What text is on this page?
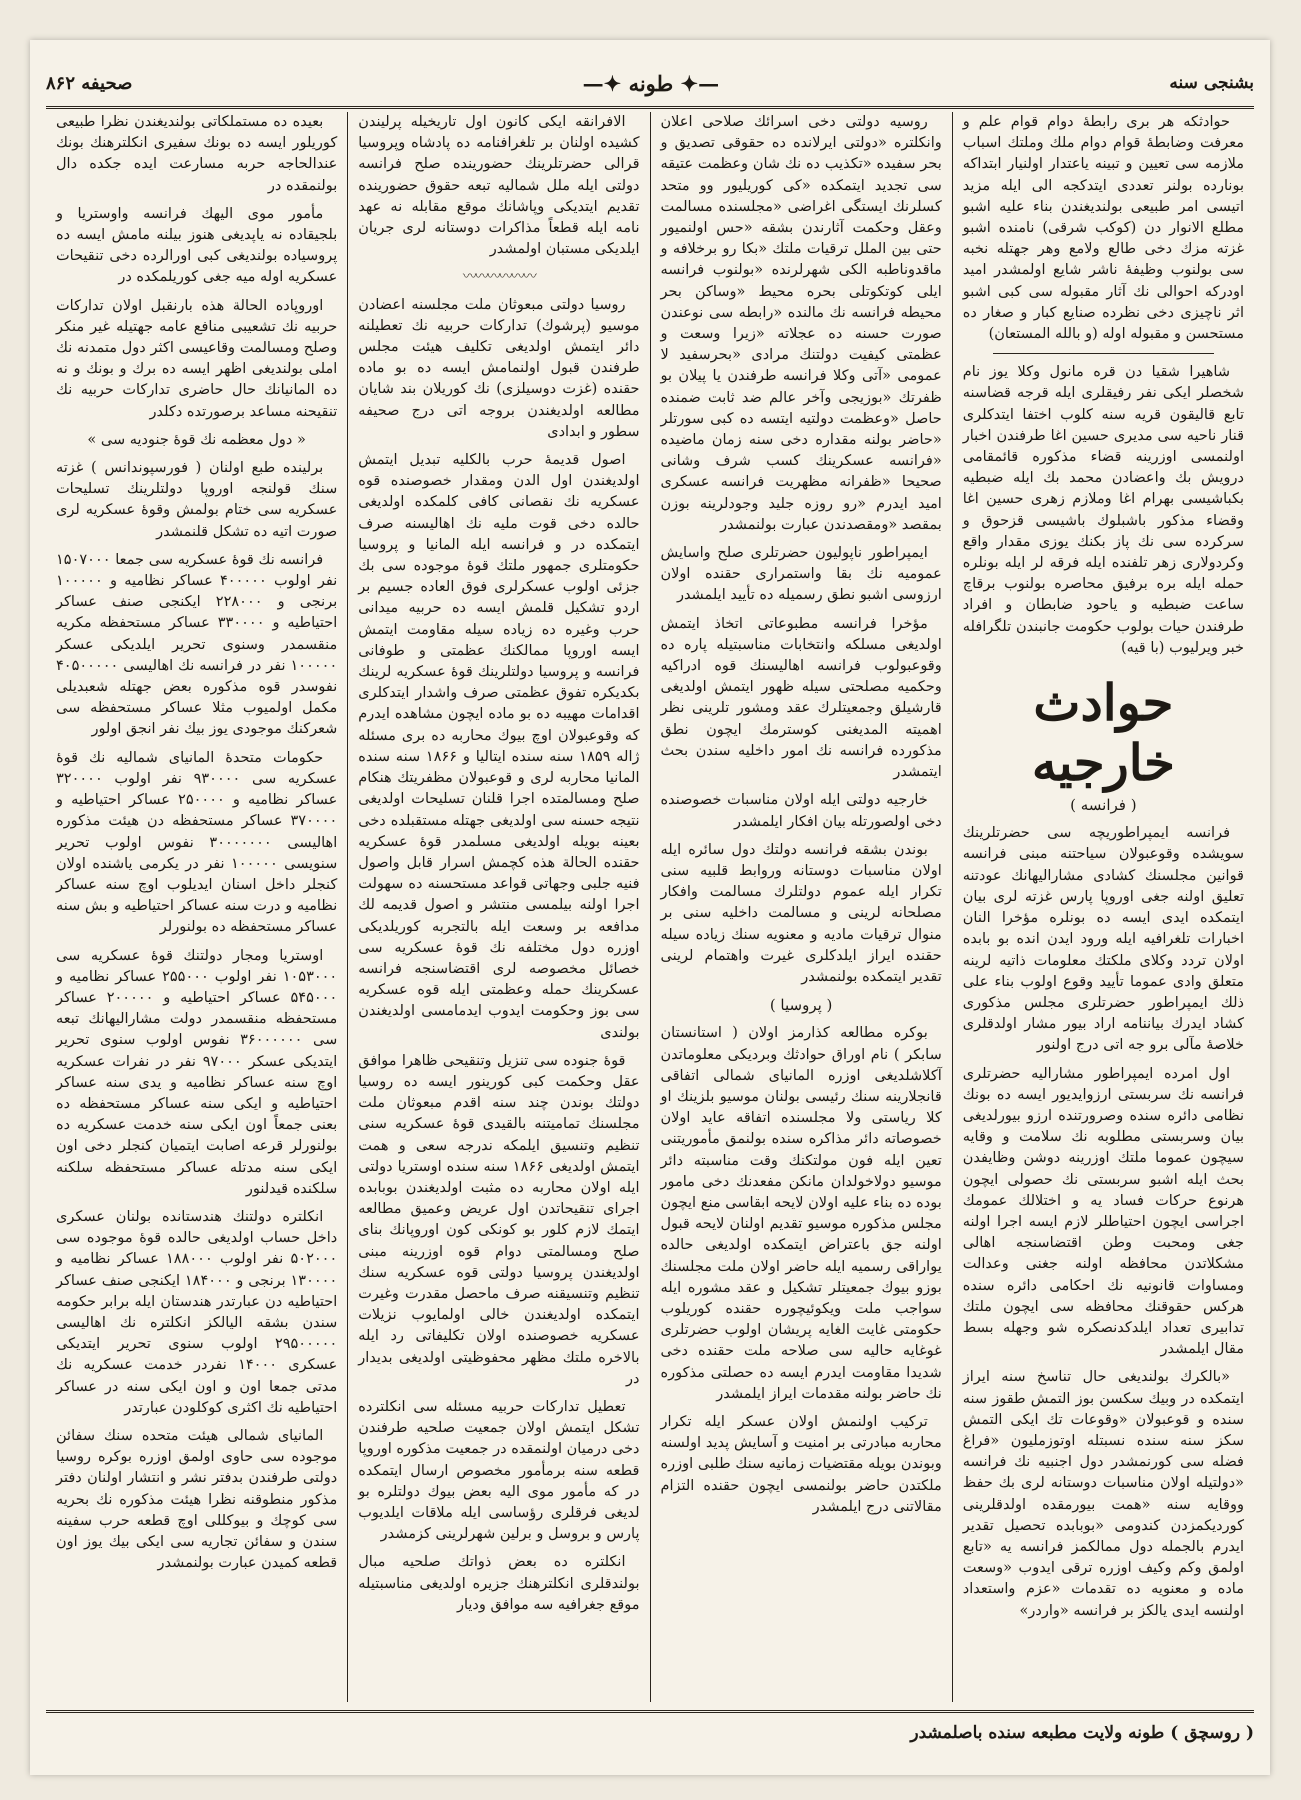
بشنجی سنه
—✦ طونه ✦—
صحیفه ۸۶۲

حوادثکه هر بری رابطهٔ دوام قوام علم و معرفت وضابطهٔ قوام دوام ملك وملتك اسباب ملازمه سی تعیین و تبینه یاعتدار اولنیار ابتداکه بونارده بولنر تعددی ایتدکجه الی ایله مزید اتیسی امر طبیعی بولندیغندن بناء علیه اشبو مطلع الانوار دن (کوکب شرقی) نامنده اشبو غزته مزك دخی طالع ولامع وهر جهتله نخبه سی بولنوب وظیفهٔ ناشر شایع اولمشدر امید اودرکه احوالی نك آثار مقبوله سی کبی اشبو اثر ناچیزی دخی نظرده صنایع کبار و صغار ده مستحسن و مقبوله اوله (و بالله المستعان)

شاهیرا شقیا دن قره مانول وکلا یوز نام شخصلر ایکی نفر رفیقلری ایله قرجه قضاسنه تابع قالیقون قریه سنه کلوب اختفا ایتدکلری قنار ناحیه سی مدیری حسین اغا طرفندن اخبار اولنمسی اوزرینه قضاء مذکوره قائمقامی درویش بك واعضادن محمد بك ایله ضبطیه بکباشیسی بهرام اغا وملازم زهری حسین اغا وقضاء مذکور باشبلوك باشیسی قزحوق و سرکرده سی نك پاز بکنك یوزی مقدار واقع وکردولاری زهر تلفنده ایله فرقه لر ایله بونلره حمله ایله بره برفیق محاصره بولنوب برقاچ ساعت ضبطیه و یاحود ضابطان و افراد طرفندن حیات بولوب حکومت جانبندن تلگرافله خبر ویرلیوب (با قیه)

حوادث خارجیه

( فرانسه )

فرانسه ایمپراطوریچه سی حضرتلرینك سویشده وقوعبولان سیاحتنه مبنی فرانسه قوانین مجلسنك کشادی مشارالیهانك عودتنه تعلیق اولنه جغی اوروپا پارس غزته لری بیان ایتمکده ایدی ایسه ده بونلره مؤخرا النان اخبارات تلغرافیه ایله ورود ایدن انده بو بابده اولان تردد وکلای ملکتك معلومات ذاتیه لرینه متعلق وادی عموما تأیید وقوع اولوب بناء علی ذلك ایمپراطور حضرتلری مجلس مذکوری کشاد ایدرك بیاننامه اراد بیور مشار اولدقلری خلاصهٔ مآلی برو جه اتی درج اولنور

اول امرده ایمپراطور مشارالیه حضرتلری فرانسه نك سربستی ارزوایدیور ایسه ده بونك نظامی دائره سنده وصرورتنده ارزو بیورلدیغی بیان وسربستی مطلوبه نك سلامت و وقایه سیچون عموما ملتك اوزرینه دوشن وظایفدن بحث ایله اشبو سربستی نك حصولی ایچون هرنوع حرکات فساد یه و اختلالك عمومك اجراسی ایچون احتیاطلر لازم ایسه اجرا اولنه جغی ومحبت وطن اقتضاسنجه اهالی مشکلاتدن محافظه اولنه جغنی وعدالت ومساوات قانونیه نك احکامی دائره سنده هرکس حقوقنك محافظه سی ایچون ملتك تدابیری تعداد ایلدکدنصکره شو وجهله بسط مقال ایلمشدر

«بالکرك بولندیغی حال تناسخ سنه ایراز ایتمکده در وبیك سکسن بوز التمش طقوز سنه سنده و قوعبولان «وقوعات تك ایکی التمش سکز سنه سنده نسبتله اوتوزملیون «فراغ فضله سی کورنمشدر دول اجنبیه نك فرانسه «دولتیله اولان مناسبات دوستانه لری بك حفظ ووقایه سنه «همت بیورمقده اولدقلرینی کوردیکمزدن کندومی «بوبابده تحصیل تقدیر ایدرم بالجمله دول ممالکمز فرانسه یه «تابع اولمق وکم وکیف اوزره ترقی ایدوب «وسعت ماده و معنویه ده تقدمات «عزم واستعداد اولنسه ایدی یالکز بر فرانسه «واردر»

روسیه دولتی دخی اسرائك صلاحی اعلان وانکلتره «دولتی ایرلانده ده حقوقی تصدیق و بحر سفیده «تکذیب ده نك شان وعظمت عتیقه سی تجدید ایتمکده «کی کوریلیور وو متحد کسلرنك ایستگی اغراضی «مجلسنده مسالمت وعقل وحکمت آثارندن بشقه «حس اولنمیور حتی بین الملل ترقیات ملتك «بکا رو برخلافه و ماقدوناطبه الکی شهرلرنده «بولنوب فرانسه ایلی کوتکوتلی بحره محیط «وساکن بحر محیطه فرانسه نك مالنده «رابطه سی نوعندن صورت حسنه ده عجلاته «زیرا وسعت و عظمتی کیفیت دولتنك مرادی «بحرسفید لا عمومی «آتی وکلا فرانسه طرفندن یا پیلان بو ظفرتك «بوزیجی وآخر عالم ضد ثابت ضمنده حاصل «وعظمت دولتیه ایتسه ده کبی سورتلر «حاضر بولنه مقداره دخی سنه زمان ماضیده «فرانسه عسکرینك کسب شرف وشانی صحیحا «ظفرانه مظهریت فرانسه عسکری امید ایدرم «رو روزه جلید وجودلرینه بوزن بمقصد «ومقصدندن عبارت بولنمشدر

ایمپراطور ناپولیون حضرتلری صلح واسایش عمومیه نك بقا واستمراری حقنده اولان ارزوسی اشبو نطق رسمیله ده تأیید ایلمشدر

مؤخرا فرانسه مطبوعاتی اتخاذ ایتمش اولدیغی مسلکه وانتخابات مناسبتیله پاره ده وقوعبولوب فرانسه اهالیسنك قوه ادراکیه وحکمیه مصلحتی سیله ظهور ایتمش اولدیغی قارشیلق وجمعیتلرك عقد ومشور تلرینی نظر اهمیته المدیغنی کوسترمك ایچون نطق مذکورده فرانسه نك امور داخلیه سندن بحث ایتمشدر

خارجیه دولتی ایله اولان مناسبات خصوصنده دخی اولصورتله بیان افکار ایلمشدر

بوندن بشقه فرانسه دولتك دول سائره ایله اولان مناسبات دوستانه وروابط قلبیه سنی تکرار ایله عموم دولتلرك مسالمت وافکار مصلحانه لرینی و مسالمت داخلیه سنی بر منوال ترقیات مادیه و معنویه سنك زیاده سیله حقنده ایراز ایلدکلری غیرت واهتمام لرینی تقدیر ایتمکده بولنمشدر

( پروسیا )

بوکره مطالعه کذارمز اولان ( استانستان سابکر ) نام اوراق حوادثك وبردیکی معلوماتدن آکلاشلدیغی اوزره المانیای شمالی اتفاقی قانجلارینه سنك رئیسی بولنان موسیو بلزینك او کلا ریاستی ولا مجلسنده اتفاقه عاید اولان خصوصاته دائر مذاکره سنده بولنمق مأموریتنی تعین ایله فون مولتكنك وقت مناسبته دائر موسیو دولاخولدان مانکن مفعدنك دخی مامور بوده ده بناء علیه اولان لایحه ابقاسی منع ایچون مجلس مذکوره موسیو تقدیم اولنان لایحه قبول اولنه جق باعتراض ایتمکده اولدیغی حالده یواراقی رسمیه ایله حاضر اولان ملت مجلسنك بوزو بیوك جمعیتلر تشکیل و عقد مشوره ایله سواجب ملت ویکوئیچوره حقنده کوریلوب حکومتی غایت الغایه پریشان اولوب حضرتلری غوغایه حالیه سی صلاحه ملت حقنده دخی شدیدا مقاومت ایدرم ایسه ده حصلتی مذکوره نك حاضر بولنه مقدمات ایراز ایلمشدر

ترکیب اولنمش اولان عسکر ایله تکرار محاربه مبادرتی بر امنیت و آسایش پدید اولسنه وبوندن بویله مقتضیات زمانیه سنك طلبی اوزره ملکتدن حاضر بولنمسی ایچون حقنده التزام مقالاتنی درج ایلمشدر

الافرانقه ایکی کانون اول تاریخیله پرلیندن کشیده اولنان بر تلغرافنامه ده پادشاه وپروسیا قرالی حضرتلرینك حضورینده صلح فرانسه دولتی ایله ملل شمالیه تبعه حقوق حضورینده تقدیم ایتدیکی وپاشانك موقع مقابله نه عهد نامه ایله قطعاً مذاکرات دوستانه لری جریان ایلدیکی مستبان اولمشدر

〰〰〰〰〰〰

روسیا دولتی مبعوثان ملت مجلسنه اعضادن موسیو (پرشوك) تدارکات حربیه نك تعطیلنه دائر ایتمش اولدیغی تکلیف هیئت مجلس طرفندن قبول اولنمامش ایسه ده بو ماده حقنده (غزت دوسیلزی) نك کوریلان بند شایان مطالعه اولدیغندن بروجه اتی درج صحیفه سطور و ابدادی

اصول قدیمهٔ حرب بالکلیه تبدیل ایتمش اولدیغندن اول الدن ومقدار خصوصنده قوه عسکریه نك نقصانی کافی کلمکده اولدیغی حالده دخی قوت ملیه نك اهالیسنه صرف ایتمکده در و فرانسه ایله المانیا و پروسیا حکومتلری جمهور ملتك قوهٔ موجوده سی بك جزئی اولوب عسکرلری فوق العاده جسیم بر اردو تشکیل قلمش ایسه ده حربیه میدانی حرب وغیره ده زیاده سیله مقاومت ایتمش ایسه اوروپا ممالکنك عظمتی و طوفانی فرانسه و پروسیا دولتلرینك قوهٔ عسکریه لرینك بکدیکره تفوق عظمتی صرف واشدار ایتدکلری اقدامات مهیبه ده بو ماده ایچون مشاهده ایدرم که وقوعبولان اوچ بیوك محاربه ده بری مسئله ژاله ۱۸۵۹ سنه سنده ایتالیا و ۱۸۶۶ سنه سنده المانیا محاربه لری و قوعبولان مظفریتك هنکام صلح ومسالمتده اجرا قلنان تسلیحات اولدیغی نتیجه حسنه سی اولدیغی جهتله مستقبلده دخی بعینه بویله اولدیغی مسلمدر قوهٔ عسکریه حقنده الحالة هذه کچمش اسرار قابل واصول فنیه جلبی وجهاتی قواعد مستحسنه ده سهولت اجرا اولنه بیلمسی منتشر و اصول قدیمه لك مدافعه بر وسعت ایله بالتجربه کوریلدیکی اوزره دول مختلفه نك قوهٔ عسکریه سی خصائل مخصوصه لری اقتضاسنجه فرانسه عسکرینك حمله وعظمتی ایله قوه عسکریه سی بوز وحکومت ایدوب ایدمامسی اولدیغندن بولندی

قوهٔ جنوده سی تنزیل وتنقیحی ظاهرا موافق عقل وحکمت کبی کورینور ایسه ده روسیا دولتك بوندن چند سنه اقدم مبعوثان ملت مجلسنك تمامیتنه بالقیدی قوهٔ عسکریه سنی تنظیم وتنسیق ایلمکه ندرجه سعی و همت ایتمش اولدیغی ۱۸۶۶ سنه سنده اوستریا دولتی ایله اولان محاربه ده مثبت اولدیغندن بوبابده اجرای تنقیحاتدن اول عریض وعمیق مطالعه ایتمك لازم کلور بو کونکی کون اوروپانك بنای صلح ومسالمتی دوام قوه اوزرینه مبنی اولدیغندن پروسیا دولتی قوه عسکریه سنك تنظیم وتنسیقنه صرف ماحصل مقدرت وغیرت ایتمکده اولدیغندن خالی اولمایوب نزیلات عسکریه خصوصنده اولان تکلیفاتی رد ایله بالاخره ملتك مظهر محفوظیتی اولدیغی بدیدار در

تعطیل تدارکات حربیه مسئله سی انکلترده تشکل ایتمش اولان جمعیت صلحیه طرفندن دخی درمیان اولنمقده در جمعیت مذکوره اوروپا قطعه سنه برمأمور مخصوص ارسال ایتمکده در که مأمور موی الیه بعض بیوك دولتلره بو لدیغی فرقلری رؤساسی ایله ملاقات ایلدیوب پارس و بروسل و برلین شهرلرینی کزمشدر

انکلتره ده بعض ذواتك صلحیه مبال بولندقلری انکلترهنك جزیره اولدیغی مناسبتیله موقع جغرافیه سه موافق ودیار

بعیده ده مستملکاتی بولندیغندن نظرا طبیعی کوریلور ایسه ده بونك سفیری انکلترهنك بونك عندالحاجه حربه مسارعت ایده جکده دال بولنمقده در

مأمور موی الیهك فرانسه واوستریا و بلجیقاده نه یاپدیغی هنوز بیلنه مامش ایسه ده پروسیاده بولندیغی کبی اورالرده دخی تنقیحات عسکریه اوله میه جغی کوریلمکده در

اوروپاده الحالة هذه بارنقبل اولان تدارکات حربیه نك تشعیبی منافع عامه جهتیله غیر منکر وصلح ومسالمت وقاعیسی اکثر دول متمدنه نك املی بولندیغی اظهر ایسه ده برك و بونك و نه ده المانیانك حال حاضری تدارکات حربیه نك تنقیحنه مساعد برصورتده دکلدر

« دول معظمه نك قوهٔ جنودیه سی »

برلینده طبع اولنان ( فورسپوندانس ) غزته سنك قولنجه اوروپا دولتلرینك تسلیحات عسکریه سی ختام بولمش وقوهٔ عسکریه لری صورت اتیه ده تشکل قلنمشدر

فرانسه نك قوهٔ عسکریه سی جمعا ۱۵۰۷۰۰۰ نفر اولوب ۴۰۰۰۰۰ عساکر نظامیه و ۱۰۰۰۰۰ برنجی و ۲۲۸۰۰۰ ایکنجی صنف عساکر احتیاطیه و ۳۳۰۰۰۰ عساکر مستحفظه مکریه منقسمدر وسنوی تحریر ایلدیکی عسکر ۱۰۰۰۰۰ نفر در فرانسه نك اهالیسی ۴۰۵۰۰۰۰۰ نفوسدر قوه مذکوره بعض جهتله شعبدیلی مکمل اولمیوب مثلا عساکر مستحفظه سی شعرکنك موجودی یوز بیك نفر انجق اولور

حکومات متحدهٔ المانیای شمالیه نك قوهٔ عسکریه سی ۹۳۰۰۰۰ نفر اولوب ۳۲۰۰۰۰ عساکر نظامیه و ۲۵۰۰۰۰ عساکر احتیاطیه و ۳۷۰۰۰۰ عساکر مستحفظه دن هیئت مذکوره اهالیسی ۳۰۰۰۰۰۰۰ نفوس اولوب تحریر سنویسی ۱۰۰۰۰۰ نفر در یکرمی یاشنده اولان کنجلر داخل اسنان ایدیلوب اوچ سنه عساکر نظامیه و درت سنه عساکر احتیاطیه و بش سنه عساکر مستحفظه ده بولنورلر

اوستریا ومجار دولتنك قوهٔ عسکریه سی ۱۰۵۳۰۰۰ نفر اولوب ۲۵۵۰۰۰ عساکر نظامیه و ۵۴۵۰۰۰ عساکر احتیاطیه و ۲۰۰۰۰۰ عساکر مستحفظه منقسمدر دولت مشارالیهانك تبعه سی ۳۶۰۰۰۰۰۰ نفوس اولوب سنوی تحریر ایتدیکی عسکر ۹۷۰۰۰ نفر در نفرات عسکریه اوچ سنه عساکر نظامیه و یدی سنه عساکر احتیاطیه و ایکی سنه عساکر مستحفظه ده بعنی جمعاً اون ایکی سنه خدمت عسکریه ده بولنورلر قرعه اصابت ایتمیان کنجلر دخی اون ایکی سنه مدتله عساکر مستحفظه سلکنه سلکنده قیدلنور

انکلتره دولتنك هندستانده بولنان عسکری داخل حساب اولدیغی حالده قوهٔ موجوده سی ۵۰۲۰۰۰ نفر اولوب ۱۸۸۰۰۰ عساکر نظامیه و ۱۳۰۰۰۰ برنجی و ۱۸۴۰۰۰ ایکنجی صنف عساکر احتیاطیه دن عبارتدر هندستان ایله برابر حکومه سندن بشقه الیالکز انکلتره نك اهالیسی ۲۹۵۰۰۰۰۰ اولوب سنوی تحریر ایتدیکی عسکری ۱۴۰۰۰ نفردر خدمت عسکریه نك مدتی جمعا اون و اون ایکی سنه در عساکر احتیاطیه نك اکثری کوکلودن عبارتدر

المانیای شمالی هیئت متحده سنك سفائن موجوده سی حاوی اولمق اوزره بوکره روسیا دولتی طرفندن بدفتر نشر و انتشار اولنان دفتر مذکور منطوقنه نظرا هیئت مذکوره نك بحریه سی کوچك و بیوکللی اوچ قطعه حرب سفینه سندن و سفائن تجاریه سی ایکی بیك یوز اون قطعه کمیدن عبارت بولنمشدر

( روسچق ) طونه ولایت مطبعه سنده باصلمشدر
